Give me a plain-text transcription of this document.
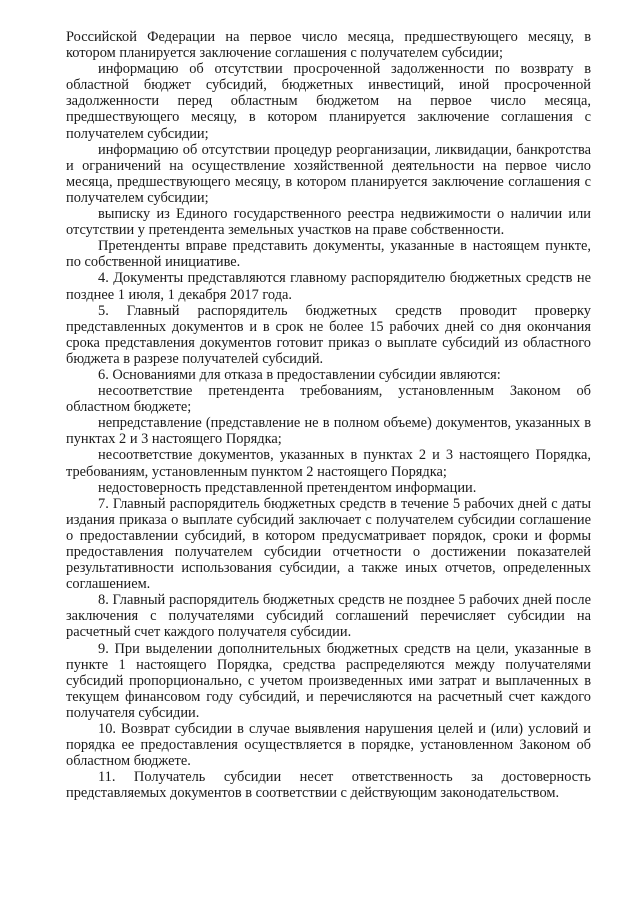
Российской Федерации на первое число месяца, предшествующего месяцу, в котором планируется заключение соглашения с получателем субсидии;

информацию об отсутствии просроченной задолженности по возврату в областной бюджет субсидий, бюджетных инвестиций, иной просроченной задолженности перед областным бюджетом на первое число месяца, предшествующего месяцу, в котором планируется заключение соглашения с получателем субсидии;

информацию об отсутствии процедур реорганизации, ликвидации, банкротства и ограничений на осуществление хозяйственной деятельности на первое число месяца, предшествующего месяцу, в котором планируется заключение соглашения с получателем субсидии;

выписку из Единого государственного реестра недвижимости о наличии или отсутствии у претендента земельных участков на праве собственности.

Претенденты вправе представить документы, указанные в настоящем пункте, по собственной инициативе.

4. Документы представляются главному распорядителю бюджетных средств не позднее 1 июля, 1 декабря 2017 года.

5. Главный распорядитель бюджетных средств проводит проверку представленных документов и в срок не более 15 рабочих дней со дня окончания срока представления документов готовит приказ о выплате субсидий из областного бюджета в разрезе получателей субсидий.

6. Основаниями для отказа в предоставлении субсидии являются:

несоответствие претендента требованиям, установленным Законом об областном бюджете;

непредставление (представление не в полном объеме) документов, указанных в пунктах 2 и 3 настоящего Порядка;

несоответствие документов, указанных в пунктах 2 и 3 настоящего Порядка, требованиям, установленным пунктом 2 настоящего Порядка;

недостоверность представленной претендентом информации.

7. Главный распорядитель бюджетных средств в течение 5 рабочих дней с даты издания приказа о выплате субсидий заключает с получателем субсидии соглашение о предоставлении субсидий, в котором предусматривает порядок, сроки и формы предоставления получателем субсидии отчетности о достижении показателей результативности использования субсидии, а также иных отчетов, определенных соглашением.

8. Главный распорядитель бюджетных средств не позднее 5 рабочих дней после заключения с получателями субсидий соглашений перечисляет субсидии на расчетный счет каждого получателя субсидии.

9. При выделении дополнительных бюджетных средств на цели, указанные в пункте 1 настоящего Порядка, средства распределяются между получателями субсидий пропорционально, с учетом произведенных ими затрат и выплаченных в текущем финансовом году субсидий, и перечисляются на расчетный счет каждого получателя субсидии.

10. Возврат субсидии в случае выявления нарушения целей и (или) условий и порядка ее предоставления осуществляется в порядке, установленном Законом об областном бюджете.

11. Получатель субсидии несет ответственность за достоверность представляемых документов в соответствии с действующим законодательством.
